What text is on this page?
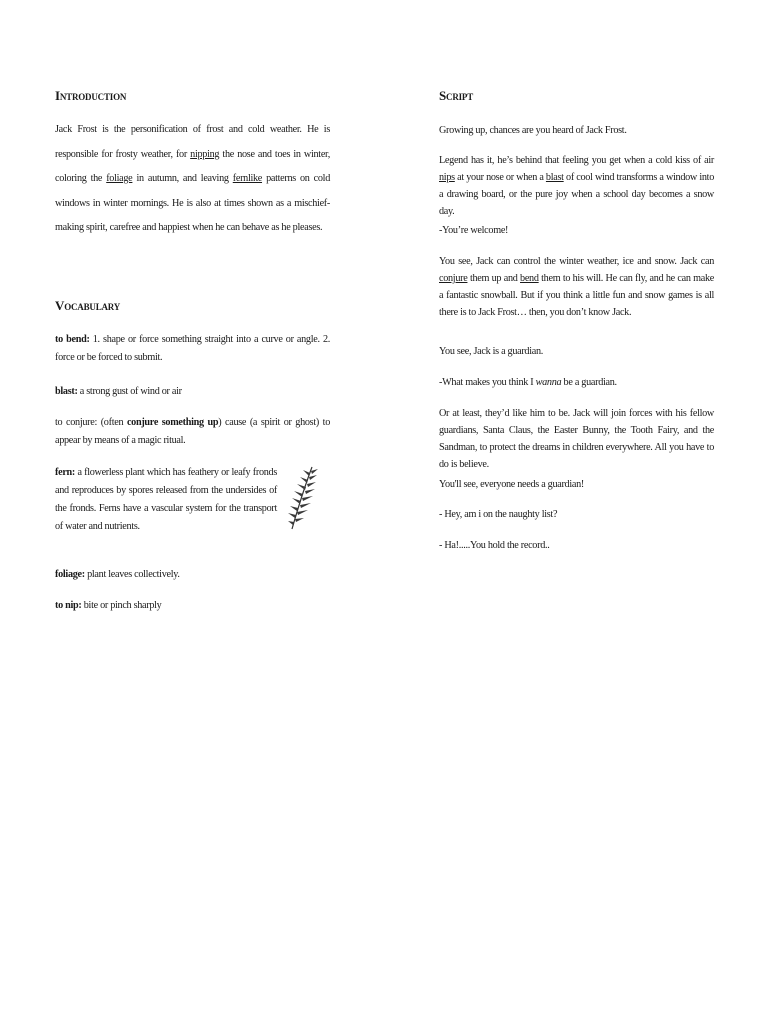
Introduction
Jack Frost is the personification of frost and cold weather. He is responsible for frosty weather, for nipping the nose and toes in winter, coloring the foliage in autumn, and leaving fernlike patterns on cold windows in winter mornings. He is also at times shown as a mischief-making spirit, carefree and happiest when he can behave as he pleases.
Vocabulary
to bend: 1. shape or force something straight into a curve or angle. 2. force or be forced to submit.
blast: a strong gust of wind or air
to conjure: (often conjure something up) cause (a spirit or ghost) to appear by means of a magic ritual.
fern: a flowerless plant which has feathery or leafy fronds and reproduces by spores released from the undersides of the fronds. Ferns have a vascular system for the transport of water and nutrients.
foliage: plant leaves collectively.
to nip: bite or pinch sharply
Script
Growing up, chances are you heard of Jack Frost.
Legend has it, he’s behind that feeling you get when a cold kiss of air nips at your nose or when a blast of cool wind transforms a window into a drawing board, or the pure joy when a school day becomes a snow day.
-You’re welcome!
You see, Jack can control the winter weather, ice and snow. Jack can conjure them up and bend them to his will. He can fly, and he can make a fantastic snowball. But if you think a little fun and snow games is all there is to Jack Frost… then, you don’t know Jack.
You see, Jack is a guardian.
-What makes you think I wanna be a guardian.
Or at least, they’d like him to be. Jack will join forces with his fellow guardians, Santa Claus, the Easter Bunny, the Tooth Fairy, and the Sandman, to protect the dreams in children everywhere. All you have to do is believe.
You'll see, everyone needs a guardian!
- Hey, am i on the naughty list?
- Ha!.....You hold the record..
